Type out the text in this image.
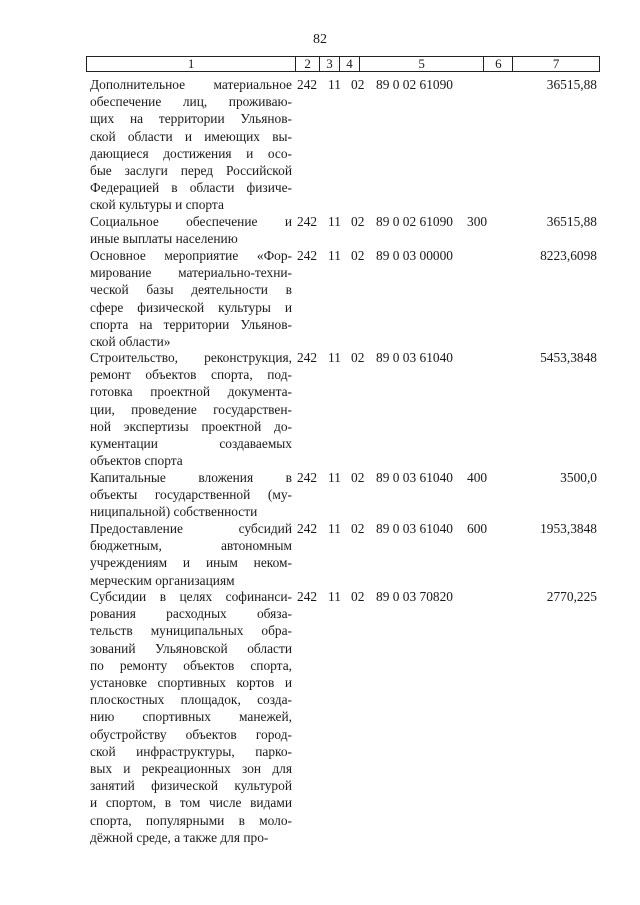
82
1	2	3	4	5	6	7
Дополнительное материальное
обеспечение лиц, проживаю-
щих на территории Ульянов-
ской области и имеющих вы-
дающиеся достижения и осо-
бые заслуги перед Российской
Федерацией в области физиче-
ской культуры и спорта
242 11 02 89 0 02 61090	36515,88
Социальное обеспечение и
иные выплаты населению
242 11 02 89 0 02 61090 300	36515,88
Основное мероприятие «Фор-
мирование материально-техни-
ческой базы деятельности в
сфере физической культуры и
спорта на территории Ульянов-
ской области»
242 11 02 89 0 03 00000	8223,6098
Строительство, реконструкция,
ремонт объектов спорта, под-
готовка проектной документа-
ции, проведение государствен-
ной экспертизы проектной до-
кументации создаваемых
объектов спорта
242 11 02 89 0 03 61040	5453,3848
Капитальные вложения в
объекты государственной (му-
ниципальной) собственности
242 11 02 89 0 03 61040 400	3500,0
Предоставление субсидий
бюджетным, автономным
учреждениям и иным неком-
мерческим организациям
242 11 02 89 0 03 61040 600	1953,3848
Субсидии в целях софинанси-
рования расходных обяза-
тельств муниципальных обра-
зований Ульяновской области
по ремонту объектов спорта,
установке спортивных кортов и
плоскостных площадок, созда-
нию спортивных манежей,
обустройству объектов город-
ской инфраструктуры, парко-
вых и рекреационных зон для
занятий физической культурой
и спортом, в том числе видами
спорта, популярными в моло-
дёжной среде, а также для про-
242 11 02 89 0 03 70820	2770,225
